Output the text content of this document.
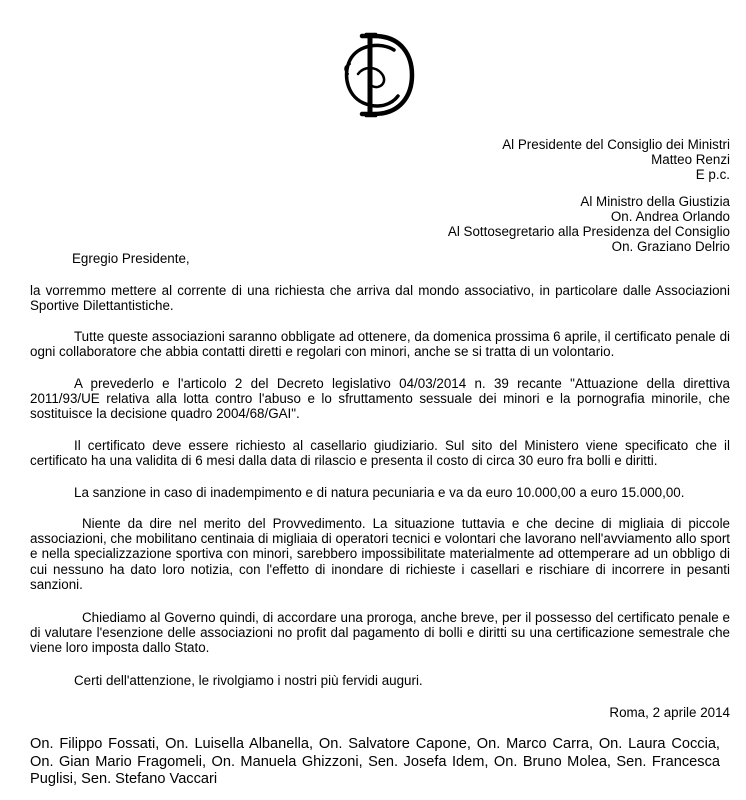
Al Presidente del Consiglio dei Ministri
Matteo Renzi
E p.c.
Al Ministro della Giustizia
On. Andrea Orlando
Al Sottosegretario alla Presidenza del Consiglio
On. Graziano Delrio
Egregio Presidente,
la vorremmo mettere al corrente di una richiesta che arriva dal mondo associativo, in particolare dalle Associazioni Sportive Dilettantistiche.
Tutte queste associazioni saranno obbligate ad ottenere, da domenica prossima 6 aprile, il certificato penale di ogni collaboratore che abbia contatti diretti e regolari con minori, anche se si tratta di un volontario.
A prevederlo e l'articolo 2 del Decreto legislativo 04/03/2014 n. 39 recante "Attuazione della direttiva 2011/93/UE relativa alla lotta contro l'abuso e lo sfruttamento sessuale dei minori e la pornografia minorile, che sostituisce la decisione quadro 2004/68/GAI".
Il certificato deve essere richiesto al casellario giudiziario. Sul sito del Ministero viene specificato che il certificato ha una validita di 6 mesi dalla data di rilascio e presenta il costo di circa 30 euro fra bolli e diritti.
La sanzione in caso di inadempimento e di natura pecuniaria e va da euro 10.000,00 a euro 15.000,00.
Niente da dire nel merito del Provvedimento. La situazione tuttavia e che decine di migliaia di piccole associazioni, che mobilitano centinaia di migliaia di operatori tecnici e volontari che lavorano nell'avviamento allo sport e nella specializzazione sportiva con minori, sarebbero impossibilitate materialmente ad ottemperare ad un obbligo di cui nessuno ha dato loro notizia, con l'effetto di inondare di richieste i casellari e rischiare di incorrere in pesanti sanzioni.
Chiediamo al Governo quindi, di accordare una proroga, anche breve, per il possesso del certificato penale e di valutare l'esenzione delle associazioni no profit dal pagamento di bolli e diritti su una certificazione semestrale che viene loro imposta dallo Stato.
Certi dell'attenzione, le rivolgiamo i nostri più fervidi auguri.
Roma, 2 aprile 2014
On. Filippo Fossati, On. Luisella Albanella, On. Salvatore Capone, On. Marco Carra, On. Laura Coccia, On. Gian Mario Fragomeli, On. Manuela Ghizzoni, Sen. Josefa Idem, On. Bruno Molea, Sen. Francesca Puglisi, Sen. Stefano Vaccari
